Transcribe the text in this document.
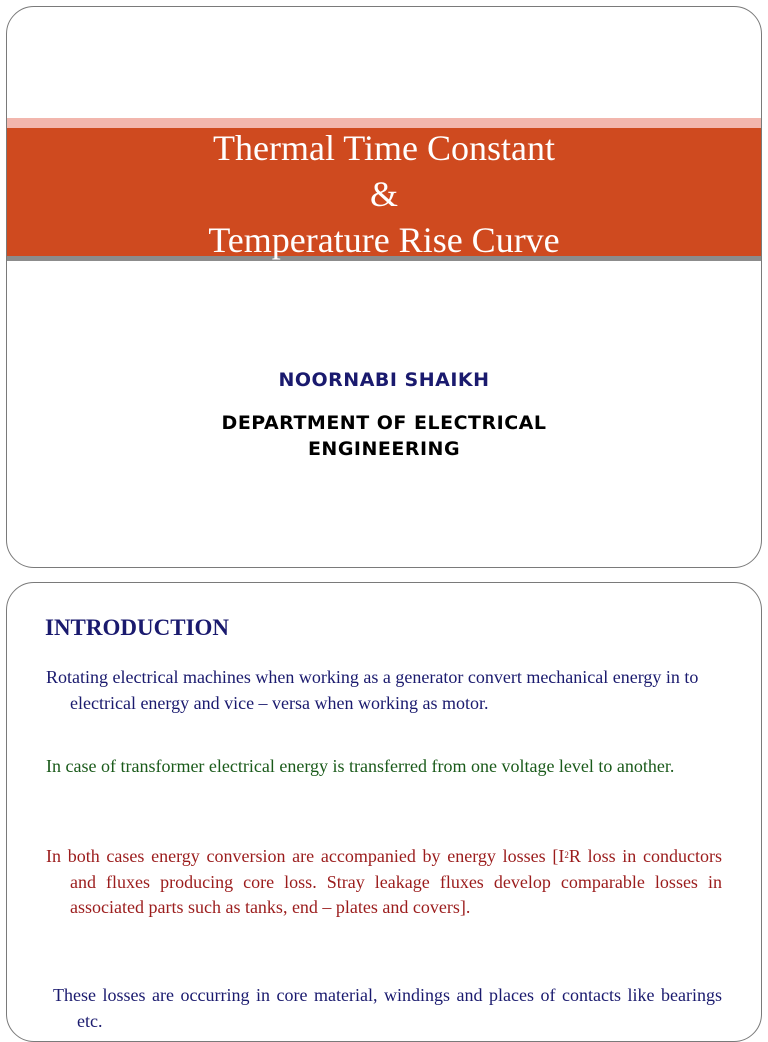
Thermal Time Constant
&
Temperature Rise Curve
NOORNABI SHAIKH
DEPARTMENT OF ELECTRICAL
ENGINEERING
INTRODUCTION
Rotating electrical machines when working as a generator convert mechanical energy in to electrical energy and vice – versa when working as motor.
In case of transformer electrical energy is transferred from one voltage level to another.
In both cases energy conversion are accompanied by energy losses [$I^2R$ loss in conductors and fluxes producing core loss. Stray leakage fluxes develop comparable losses in associated parts such as tanks, end – plates and covers].
These losses are occurring in core material, windings and places of contacts like bearings etc.
